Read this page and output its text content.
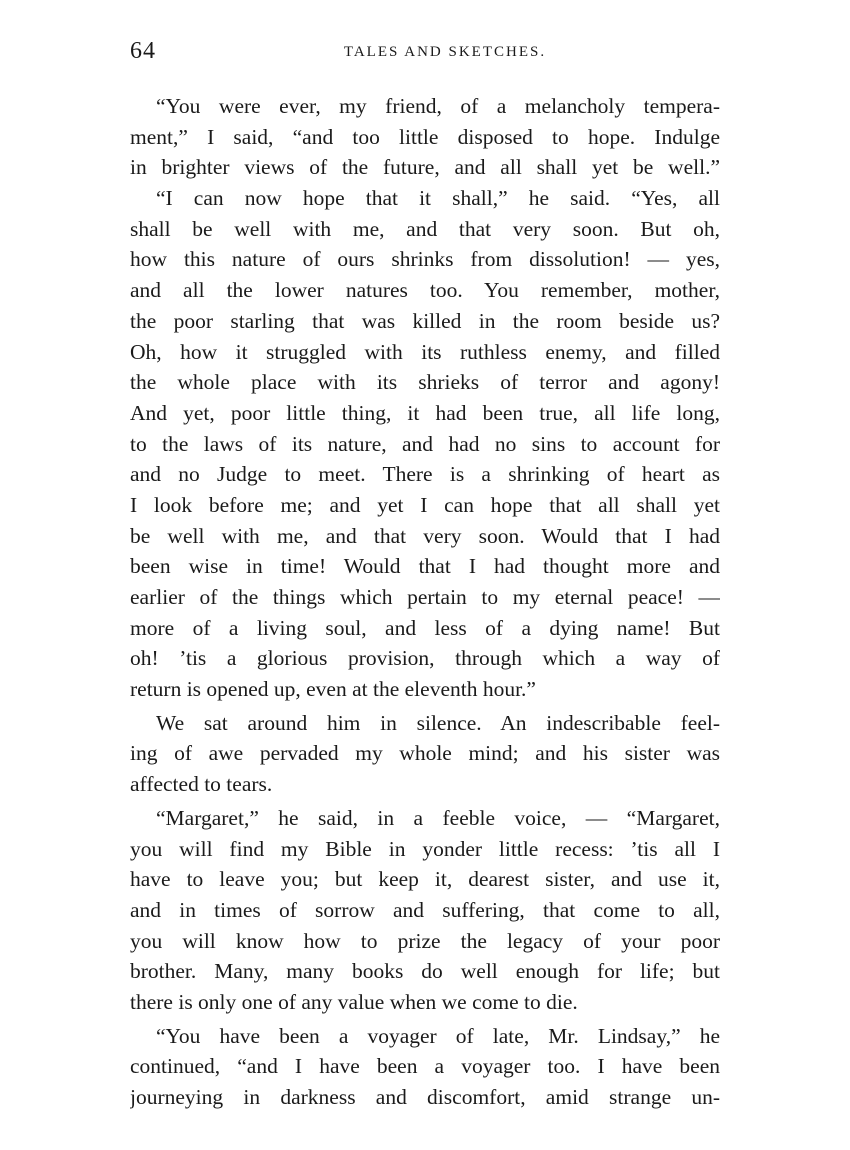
64	TALES AND SKETCHES.
“You were ever, my friend, of a melancholy tempera-
ment,” I said, “and too little disposed to hope. Indulge
in brighter views of the future, and all shall yet be well.”
“I can now hope that it shall,” he said. “Yes, all
shall be well with me, and that very soon. But oh,
how this nature of ours shrinks from dissolution! — yes,
and all the lower natures too. You remember, mother,
the poor starling that was killed in the room beside us?
Oh, how it struggled with its ruthless enemy, and filled
the whole place with its shrieks of terror and agony!
And yet, poor little thing, it had been true, all life long,
to the laws of its nature, and had no sins to account for
and no Judge to meet. There is a shrinking of heart as
I look before me; and yet I can hope that all shall yet
be well with me, and that very soon. Would that I had
been wise in time! Would that I had thought more and
earlier of the things which pertain to my eternal peace! —
more of a living soul, and less of a dying name! But
oh! ’tis a glorious provision, through which a way of
return is opened up, even at the eleventh hour.”
We sat around him in silence. An indescribable feel-
ing of awe pervaded my whole mind; and his sister was
affected to tears.
“Margaret,” he said, in a feeble voice, — “Margaret,
you will find my Bible in yonder little recess: ’tis all I
have to leave you; but keep it, dearest sister, and use it,
and in times of sorrow and suffering, that come to all,
you will know how to prize the legacy of your poor
brother. Many, many books do well enough for life; but
there is only one of any value when we come to die.
“You have been a voyager of late, Mr. Lindsay,” he
continued, “and I have been a voyager too. I have been
journeying in darkness and discomfort, amid strange un-
